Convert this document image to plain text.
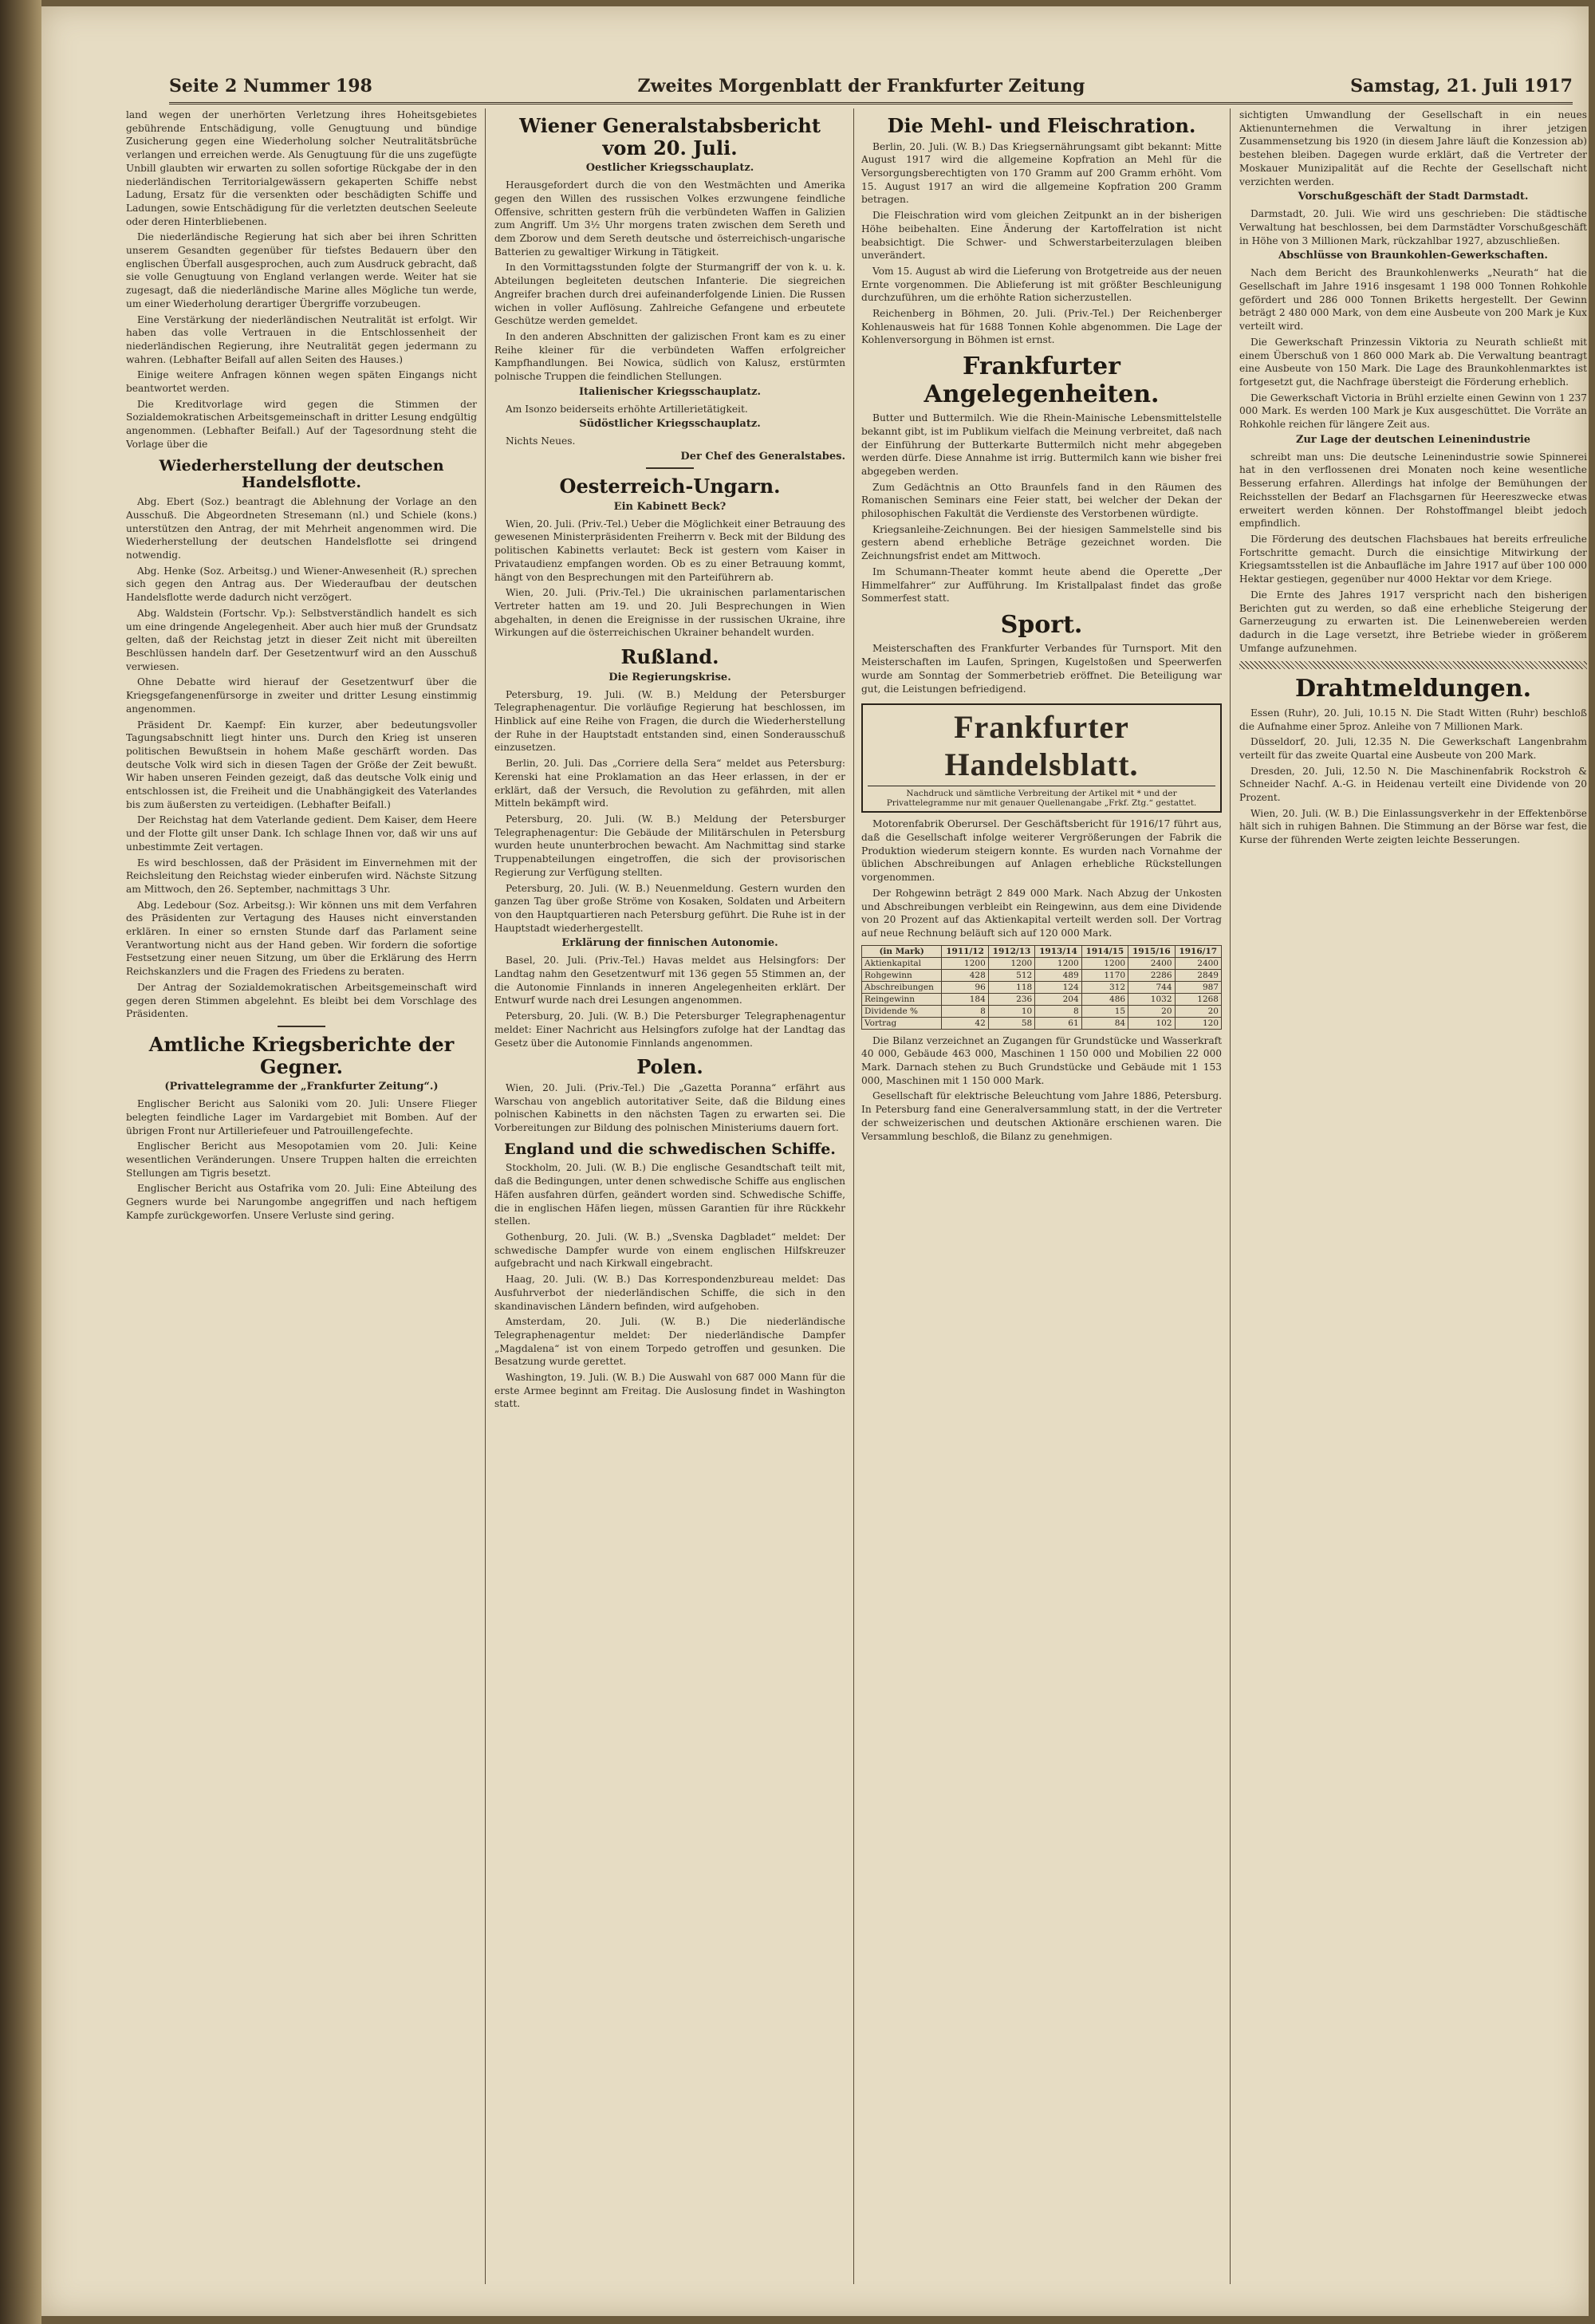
Seite 2 Nummer 198	Zweites Morgenblatt der Frankfurter Zeitung	Samstag, 21. Juli 1917

land wegen der unerhörten Verletzung ihres Hoheitsgebietes gebührende Entschädigung, volle Genugtuung und bündige Zusicherung gegen eine Wiederholung solcher Neutralitätsbrüche verlangen und erreichen werde. Als Genugtuung für die uns zugefügte Unbill glaubten wir erwarten zu sollen sofortige Rückgabe der in den niederländischen Territorialgewässern gekaperten Schiffe nebst Ladung, Ersatz für die versenkten oder beschädigten Schiffe und Ladungen, sowie Entschädigung für die verletzten deutschen Seeleute oder deren Hinterbliebenen.

Die niederländische Regierung hat sich aber bei ihren Schritten unserem Gesandten gegenüber für tiefstes Bedauern über den englischen Überfall ausgesprochen, auch zum Ausdruck gebracht, daß sie volle Genugtuung von England verlangen werde. Weiter hat sie zugesagt, daß die niederländische Marine alles Mögliche tun werde, um einer Wiederholung derartiger Übergriffe vorzubeugen.

Eine Verstärkung der niederländischen Neutralität ist erfolgt. Wir haben das volle Vertrauen in die Entschlossenheit der niederländischen Regierung, ihre Neutralität gegen jedermann zu wahren. (Lebhafter Beifall auf allen Seiten des Hauses.)

Einige weitere Anfragen können wegen späten Eingangs nicht beantwortet werden.

Die Kreditvorlage wird gegen die Stimmen der Sozialdemokratischen Arbeitsgemeinschaft in dritter Lesung endgültig angenommen. (Lebhafter Beifall.) Auf der Tagesordnung steht die Vorlage über die

Wiederherstellung der deutschen Handelsflotte.

Abg. Ebert (Soz.) beantragt die Ablehnung der Vorlage an den Ausschuß. Die Abgeordneten Stresemann (nl.) und Schiele (kons.) unterstützen den Antrag, der mit Mehrheit angenommen wird. Die Wiederherstellung der deutschen Handelsflotte sei dringend notwendig.

Abg. Henke (Soz. Arbeitsg.) und Wiener-Anwesenheit (R.) sprechen sich gegen den Antrag aus. Der Wiederaufbau der deutschen Handelsflotte werde dadurch nicht verzögert.

Abg. Waldstein (Fortschr. Vp.): Selbstverständlich handelt es sich um eine dringende Angelegenheit. Aber auch hier muß der Grundsatz gelten, daß der Reichstag jetzt in dieser Zeit nicht mit übereilten Beschlüssen handeln darf. Der Gesetzentwurf wird an den Ausschuß verwiesen.

Ohne Debatte wird hierauf der Gesetzentwurf über die Kriegsgefangenenfürsorge in zweiter und dritter Lesung einstimmig angenommen.

Präsident Dr. Kaempf: Ein kurzer, aber bedeutungsvoller Tagungsabschnitt liegt hinter uns. Durch den Krieg ist unseren politischen Bewußtsein in hohem Maße geschärft worden. Das deutsche Volk wird sich in diesen Tagen der Größe der Zeit bewußt. Wir haben unseren Feinden gezeigt, daß das deutsche Volk einig und entschlossen ist, die Freiheit und die Unabhängigkeit des Vaterlandes bis zum äußersten zu verteidigen. (Lebhafter Beifall.)

Der Reichstag hat dem Vaterlande gedient. Dem Kaiser, dem Heere und der Flotte gilt unser Dank. Ich schlage Ihnen vor, daß wir uns auf unbestimmte Zeit vertagen.

Es wird beschlossen, daß der Präsident im Einvernehmen mit der Reichsleitung den Reichstag wieder einberufen wird. Nächste Sitzung am Mittwoch, den 26. September, nachmittags 3 Uhr.

Abg. Ledebour (Soz. Arbeitsg.): Wir können uns mit dem Verfahren des Präsidenten zur Vertagung des Hauses nicht einverstanden erklären. In einer so ernsten Stunde darf das Parlament seine Verantwortung nicht aus der Hand geben. Wir fordern die sofortige Festsetzung einer neuen Sitzung, um über die Erklärung des Herrn Reichskanzlers und die Fragen des Friedens zu beraten.

Der Antrag der Sozialdemokratischen Arbeitsgemeinschaft wird gegen deren Stimmen abgelehnt. Es bleibt bei dem Vorschlage des Präsidenten.

Amtliche Kriegsberichte der Gegner.
(Privattelegramme der „Frankfurter Zeitung“.)

Englischer Bericht aus Saloniki vom 20. Juli: Unsere Flieger belegten feindliche Lager im Vardargebiet mit Bomben. Auf der übrigen Front nur Artilleriefeuer und Patrouillengefechte.

Englischer Bericht aus Mesopotamien vom 20. Juli: Keine wesentlichen Veränderungen. Unsere Truppen halten die erreichten Stellungen am Tigris besetzt.

Englischer Bericht aus Ostafrika vom 20. Juli: Eine Abteilung des Gegners wurde bei Narungombe angegriffen und nach heftigem Kampfe zurückgeworfen. Unsere Verluste sind gering.

Wiener Generalstabsbericht vom 20. Juli.
Oestlicher Kriegsschauplatz.

Herausgefordert durch die von den Westmächten und Amerika gegen den Willen des russischen Volkes erzwungene feindliche Offensive, schritten gestern früh die verbündeten Waffen in Galizien zum Angriff. Um 3½ Uhr morgens traten zwischen dem Sereth und dem Zborow und dem Sereth deutsche und österreichisch-ungarische Batterien zu gewaltiger Wirkung in Tätigkeit.

In den Vormittagsstunden folgte der Sturmangriff der von k. u. k. Abteilungen begleiteten deutschen Infanterie. Die siegreichen Angreifer brachen durch drei aufeinanderfolgende Linien. Die Russen wichen in voller Auflösung. Zahlreiche Gefangene und erbeutete Geschütze werden gemeldet.

In den anderen Abschnitten der galizischen Front kam es zu einer Reihe kleiner für die verbündeten Waffen erfolgreicher Kampfhandlungen. Bei Nowica, südlich von Kalusz, erstürmten polnische Truppen die feindlichen Stellungen.

Italienischer Kriegsschauplatz.

Am Isonzo beiderseits erhöhte Artillerietätigkeit.

Südöstlicher Kriegsschauplatz.

Nichts Neues.

Der Chef des Generalstabes.
Oesterreich-Ungarn.
Ein Kabinett Beck?

Wien, 20. Juli. (Priv.-Tel.) Ueber die Möglichkeit einer Betrauung des gewesenen Ministerpräsidenten Freiherrn v. Beck mit der Bildung des politischen Kabinetts verlautet: Beck ist gestern vom Kaiser in Privataudienz empfangen worden. Ob es zu einer Betrauung kommt, hängt von den Besprechungen mit den Parteiführern ab.

Wien, 20. Juli. (Priv.-Tel.) Die ukrainischen parlamentarischen Vertreter hatten am 19. und 20. Juli Besprechungen in Wien abgehalten, in denen die Ereignisse in der russischen Ukraine, ihre Wirkungen auf die österreichischen Ukrainer behandelt wurden.

Rußland.
Die Regierungskrise.

Petersburg, 19. Juli. (W. B.) Meldung der Petersburger Telegraphenagentur. Die vorläufige Regierung hat beschlossen, im Hinblick auf eine Reihe von Fragen, die durch die Wiederherstellung der Ruhe in der Hauptstadt entstanden sind, einen Sonderausschuß einzusetzen.

Berlin, 20. Juli. Das „Corriere della Sera“ meldet aus Petersburg: Kerenski hat eine Proklamation an das Heer erlassen, in der er erklärt, daß der Versuch, die Revolution zu gefährden, mit allen Mitteln bekämpft wird.

Petersburg, 20. Juli. (W. B.) Meldung der Petersburger Telegraphenagentur: Die Gebäude der Militärschulen in Petersburg wurden heute ununterbrochen bewacht. Am Nachmittag sind starke Truppenabteilungen eingetroffen, die sich der provisorischen Regierung zur Verfügung stellten.

Petersburg, 20. Juli. (W. B.) Neuenmeldung. Gestern wurden den ganzen Tag über große Ströme von Kosaken, Soldaten und Arbeitern von den Hauptquartieren nach Petersburg geführt. Die Ruhe ist in der Hauptstadt wiederhergestellt.

Erklärung der finnischen Autonomie.

Basel, 20. Juli. (Priv.-Tel.) Havas meldet aus Helsingfors: Der Landtag nahm den Gesetzentwurf mit 136 gegen 55 Stimmen an, der die Autonomie Finnlands in inneren Angelegenheiten erklärt. Der Entwurf wurde nach drei Lesungen angenommen.

Petersburg, 20. Juli. (W. B.) Die Petersburger Telegraphenagentur meldet: Einer Nachricht aus Helsingfors zufolge hat der Landtag das Gesetz über die Autonomie Finnlands angenommen.

Polen.

Wien, 20. Juli. (Priv.-Tel.) Die „Gazetta Poranna“ erfährt aus Warschau von angeblich autoritativer Seite, daß die Bildung eines polnischen Kabinetts in den nächsten Tagen zu erwarten sei. Die Vorbereitungen zur Bildung des polnischen Ministeriums dauern fort.

England und die schwedischen Schiffe.

Stockholm, 20. Juli. (W. B.) Die englische Gesandtschaft teilt mit, daß die Bedingungen, unter denen schwedische Schiffe aus englischen Häfen ausfahren dürfen, geändert worden sind. Schwedische Schiffe, die in englischen Häfen liegen, müssen Garantien für ihre Rückkehr stellen.

Gothenburg, 20. Juli. (W. B.) „Svenska Dagbladet“ meldet: Der schwedische Dampfer wurde von einem englischen Hilfskreuzer aufgebracht und nach Kirkwall eingebracht.

Haag, 20. Juli. (W. B.) Das Korrespondenzbureau meldet: Das Ausfuhrverbot der niederländischen Schiffe, die sich in den skandinavischen Ländern befinden, wird aufgehoben.

Amsterdam, 20. Juli. (W. B.) Die niederländische Telegraphenagentur meldet: Der niederländische Dampfer „Magdalena“ ist von einem Torpedo getroffen und gesunken. Die Besatzung wurde gerettet.

Washington, 19. Juli. (W. B.) Die Auswahl von 687 000 Mann für die erste Armee beginnt am Freitag. Die Auslosung findet in Washington statt.

Die Mehl- und Fleischration.

Berlin, 20. Juli. (W. B.) Das Kriegsernährungsamt gibt bekannt: Mitte August 1917 wird die allgemeine Kopfration an Mehl für die Versorgungsberechtigten von 170 Gramm auf 200 Gramm erhöht. Vom 15. August 1917 an wird die allgemeine Kopfration 200 Gramm betragen.

Die Fleischration wird vom gleichen Zeitpunkt an in der bisherigen Höhe beibehalten. Eine Änderung der Kartoffelration ist nicht beabsichtigt. Die Schwer- und Schwerstarbeiterzulagen bleiben unverändert.

Vom 15. August ab wird die Lieferung von Brotgetreide aus der neuen Ernte vorgenommen. Die Ablieferung ist mit größter Beschleunigung durchzuführen, um die erhöhte Ration sicherzustellen.

Reichenberg in Böhmen, 20. Juli. (Priv.-Tel.) Der Reichenberger Kohlenausweis hat für 1688 Tonnen Kohle abgenommen. Die Lage der Kohlenversorgung in Böhmen ist ernst.

Frankfurter Angelegenheiten.

Butter und Buttermilch. Wie die Rhein-Mainische Lebensmittelstelle bekannt gibt, ist im Publikum vielfach die Meinung verbreitet, daß nach der Einführung der Butterkarte Buttermilch nicht mehr abgegeben werden dürfe. Diese Annahme ist irrig. Buttermilch kann wie bisher frei abgegeben werden.

Zum Gedächtnis an Otto Braunfels fand in den Räumen des Romanischen Seminars eine Feier statt, bei welcher der Dekan der philosophischen Fakultät die Verdienste des Verstorbenen würdigte.

Kriegsanleihe-Zeichnungen. Bei der hiesigen Sammelstelle sind bis gestern abend erhebliche Beträge gezeichnet worden. Die Zeichnungsfrist endet am Mittwoch.

Im Schumann-Theater kommt heute abend die Operette „Der Himmelfahrer“ zur Aufführung. Im Kristallpalast findet das große Sommerfest statt.

Sport.

Meisterschaften des Frankfurter Verbandes für Turnsport. Mit den Meisterschaften im Laufen, Springen, Kugelstoßen und Speerwerfen wurde am Sonntag der Sommerbetrieb eröffnet. Die Beteiligung war gut, die Leistungen befriedigend.

Frankfurter Handelsblatt.
Nachdruck und sämtliche Verbreitung der Artikel mit * und der Privattelegramme nur mit genauer Quellenangabe „Frkf. Ztg.“ gestattet.

Motorenfabrik Oberursel. Der Geschäftsbericht für 1916/17 führt aus, daß die Gesellschaft infolge weiterer Vergrößerungen der Fabrik die Produktion wiederum steigern konnte. Es wurden nach Vornahme der üblichen Abschreibungen auf Anlagen erhebliche Rückstellungen vorgenommen.

Der Rohgewinn beträgt 2 849 000 Mark. Nach Abzug der Unkosten und Abschreibungen verbleibt ein Reingewinn, aus dem eine Dividende von 20 Prozent auf das Aktienkapital verteilt werden soll. Der Vortrag auf neue Rechnung beläuft sich auf 120 000 Mark.

(in Mark)	1911/12	1912/13	1913/14	1914/15	1915/16	1916/17
Aktienkapital	1200	1200	1200	1200	2400	2400
Rohgewinn	428	512	489	1170	2286	2849
Abschreibungen	96	118	124	312	744	987
Reingewinn	184	236	204	486	1032	1268
Dividende %	8	10	8	15	20	20
Vortrag	42	58	61	84	102	120

Die Bilanz verzeichnet an Zugangen für Grundstücke und Wasserkraft 40 000, Gebäude 463 000, Maschinen 1 150 000 und Mobilien 22 000 Mark. Darnach stehen zu Buch Grundstücke und Gebäude mit 1 153 000, Maschinen mit 1 150 000 Mark.

Gesellschaft für elektrische Beleuchtung vom Jahre 1886, Petersburg. In Petersburg fand eine Generalversammlung statt, in der die Vertreter der schweizerischen und deutschen Aktionäre erschienen waren. Die Versammlung beschloß, die Bilanz zu genehmigen.

sichtigten Umwandlung der Gesellschaft in ein neues Aktienunternehmen die Verwaltung in ihrer jetzigen Zusammensetzung bis 1920 (in diesem Jahre läuft die Konzession ab) bestehen bleiben. Dagegen wurde erklärt, daß die Vertreter der Moskauer Munizipalität auf die Rechte der Gesellschaft nicht verzichten werden.

Vorschußgeschäft der Stadt Darmstadt.

Darmstadt, 20. Juli. Wie wird uns geschrieben: Die städtische Verwaltung hat beschlossen, bei dem Darmstädter Vorschußgeschäft in Höhe von 3 Millionen Mark, rückzahlbar 1927, abzuschließen.

Abschlüsse von Braunkohlen-Gewerkschaften.

Nach dem Bericht des Braunkohlenwerks „Neurath“ hat die Gesellschaft im Jahre 1916 insgesamt 1 198 000 Tonnen Rohkohle gefördert und 286 000 Tonnen Briketts hergestellt. Der Gewinn beträgt 2 480 000 Mark, von dem eine Ausbeute von 200 Mark je Kux verteilt wird.

Die Gewerkschaft Prinzessin Viktoria zu Neurath schließt mit einem Überschuß von 1 860 000 Mark ab. Die Verwaltung beantragt eine Ausbeute von 150 Mark. Die Lage des Braunkohlenmarktes ist fortgesetzt gut, die Nachfrage übersteigt die Förderung erheblich.

Die Gewerkschaft Victoria in Brühl erzielte einen Gewinn von 1 237 000 Mark. Es werden 100 Mark je Kux ausgeschüttet. Die Vorräte an Rohkohle reichen für längere Zeit aus.

Zur Lage der deutschen Leinenindustrie

schreibt man uns: Die deutsche Leinenindustrie sowie Spinnerei hat in den verflossenen drei Monaten noch keine wesentliche Besserung erfahren. Allerdings hat infolge der Bemühungen der Reichsstellen der Bedarf an Flachsgarnen für Heereszwecke etwas erweitert werden können. Der Rohstoffmangel bleibt jedoch empfindlich.

Die Förderung des deutschen Flachsbaues hat bereits erfreuliche Fortschritte gemacht. Durch die einsichtige Mitwirkung der Kriegsamtsstellen ist die Anbaufläche im Jahre 1917 auf über 100 000 Hektar gestiegen, gegenüber nur 4000 Hektar vor dem Kriege.

Die Ernte des Jahres 1917 verspricht nach den bisherigen Berichten gut zu werden, so daß eine erhebliche Steigerung der Garnerzeugung zu erwarten ist. Die Leinenwebereien werden dadurch in die Lage versetzt, ihre Betriebe wieder in größerem Umfange aufzunehmen.

Drahtmeldungen.

Essen (Ruhr), 20. Juli, 10.15 N. Die Stadt Witten (Ruhr) beschloß die Aufnahme einer 5proz. Anleihe von 7 Millionen Mark.

Düsseldorf, 20. Juli, 12.35 N. Die Gewerkschaft Langenbrahm verteilt für das zweite Quartal eine Ausbeute von 200 Mark.

Dresden, 20. Juli, 12.50 N. Die Maschinenfabrik Rockstroh & Schneider Nachf. A.-G. in Heidenau verteilt eine Dividende von 20 Prozent.

Wien, 20. Juli. (W. B.) Die Einlassungsverkehr in der Effektenbörse hält sich in ruhigen Bahnen. Die Stimmung an der Börse war fest, die Kurse der führenden Werte zeigten leichte Besserungen.
